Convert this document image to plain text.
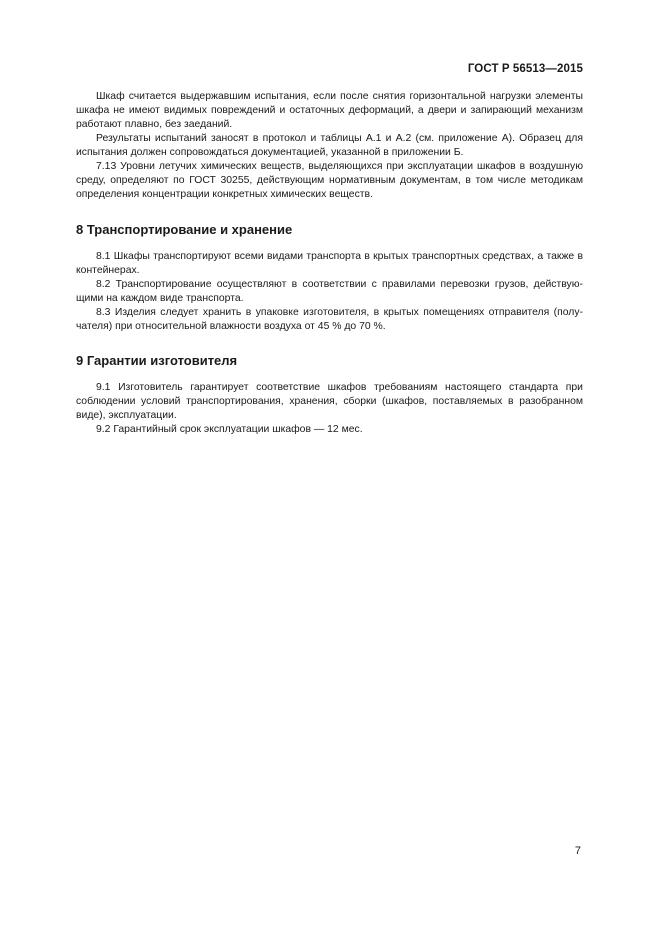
ГОСТ Р 56513—2015

Шкаф считается выдержавшим испытания, если после снятия горизонтальной нагрузки элементы шкафа не имеют видимых повреждений и остаточных деформаций, а двери и запирающий механизм работают плавно, без заеданий.

Результаты испытаний заносят в протокол и таблицы А.1 и А.2 (см. приложение А). Образец для испытания должен сопровождаться документацией, указанной в приложении Б.

7.13 Уровни летучих химических веществ, выделяющихся при эксплуатации шкафов в воздушную среду, определяют по ГОСТ 30255, действующим нормативным документам, в том числе методикам определения концентрации конкретных химических веществ.

8 Транспортирование и хранение

8.1 Шкафы транспортируют всеми видами транспорта в крытых транспортных средствах, а также в контейнерах.

8.2 Транспортирование осуществляют в соответствии с правилами перевозки грузов, действующими на каждом виде транспорта.

8.3 Изделия следует хранить в упаковке изготовителя, в крытых помещениях отправителя (получателя) при относительной влажности воздуха от 45 % до 70 %.

9 Гарантии изготовителя

9.1 Изготовитель гарантирует соответствие шкафов требованиям настоящего стандарта при соблюдении условий транспортирования, хранения, сборки (шкафов, поставляемых в разобранном виде), эксплуатации.

9.2 Гарантийный срок эксплуатации шкафов — 12 мес.

7
